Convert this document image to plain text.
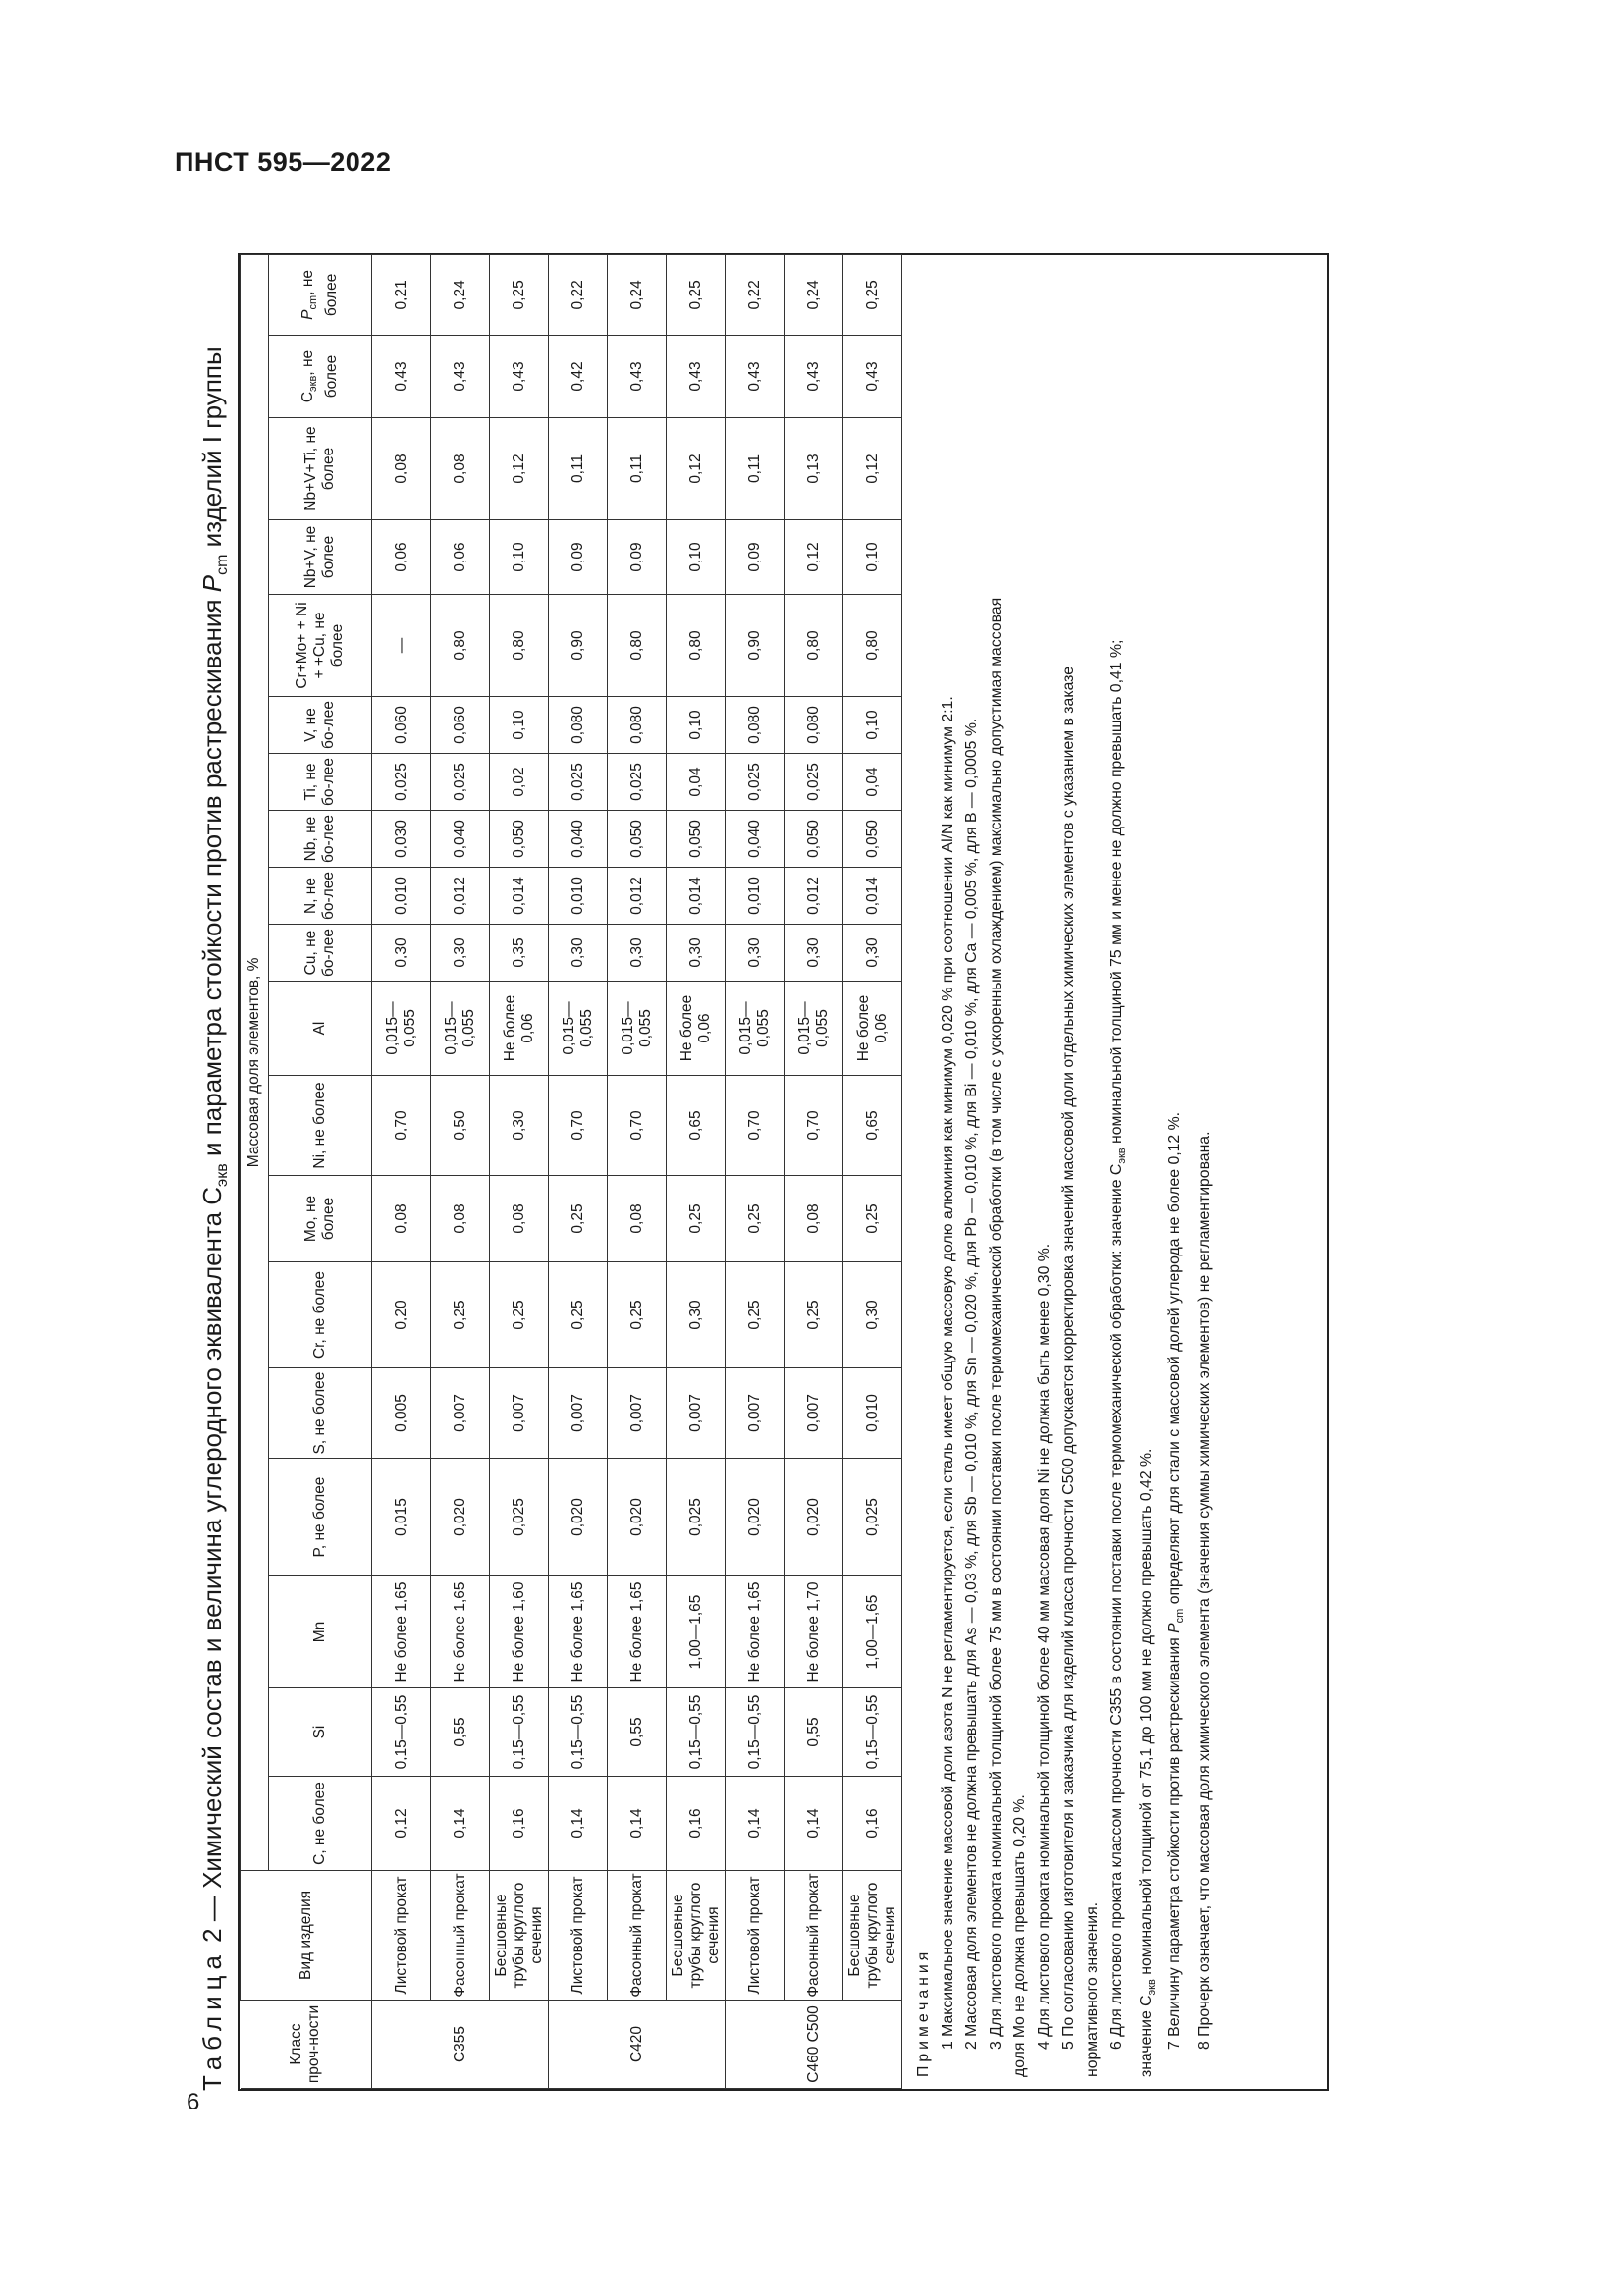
ПНСТ 595—2022
Таблица 2 — Химический состав и величина углеродного эквивалента $С_{экв}$ и параметра стойкости против растрескивания $P_{cm}$ изделий I группы
Класс проч-ности	Вид изделия	Массовая доля элементов, %																		
		C, не более	Si	Mn	P, не более	S, не более	Cr, не более	Mo, не более	Ni, не более	Al	Cu, не бо-лее	N, не бо-лее	Nb, не бо-лее	Ti, не бо-лее	V, не бо-лее	Cr+Mo+ + Ni + +Cu, не более	Nb+V, не более	Nb+V+Ti, не более	$С_{экв}$, не более	$P_{cm}$, не более
С355	Листовой прокат	0,12	0,15—0,55	Не более 1,65	0,015	0,005	0,20	0,08	0,70	0,015—0,055	0,30	0,010	0,030	0,025	0,060	—	0,06	0,08	0,43	0,21
	Фасонный прокат	0,14	0,55	Не более 1,65	0,020	0,007	0,25	0,08	0,50	0,015—0,055	0,30	0,012	0,040	0,025	0,060	0,80	0,06	0,08	0,43	0,24
	Бесшовные трубы круглого сечения	0,16	0,15—0,55	Не более 1,60	0,025	0,007	0,25	0,08	0,30	Не более 0,06	0,35	0,014	0,050	0,02	0,10	0,80	0,10	0,12	0,43	0,25
С420	Листовой прокат	0,14	0,15—0,55	Не более 1,65	0,020	0,007	0,25	0,25	0,70	0,015—0,055	0,30	0,010	0,040	0,025	0,080	0,90	0,09	0,11	0,42	0,22
	Фасонный прокат	0,14	0,55	Не более 1,65	0,020	0,007	0,25	0,08	0,70	0,015—0,055	0,30	0,012	0,050	0,025	0,080	0,80	0,09	0,11	0,43	0,24
	Бесшовные трубы круглого сечения	0,16	0,15—0,55	1,00—1,65	0,025	0,007	0,30	0,25	0,65	Не более 0,06	0,30	0,014	0,050	0,04	0,10	0,80	0,10	0,12	0,43	0,25
С460 С500	Листовой прокат	0,14	0,15—0,55	Не более 1,65	0,020	0,007	0,25	0,25	0,70	0,015—0,055	0,30	0,010	0,040	0,025	0,080	0,90	0,09	0,11	0,43	0,22
	Фасонный прокат	0,14	0,55	Не более 1,70	0,020	0,007	0,25	0,08	0,70	0,015—0,055	0,30	0,012	0,050	0,025	0,080	0,80	0,12	0,13	0,43	0,24
	Бесшовные трубы круглого сечения	0,16	0,15—0,55	1,00—1,65	0,025	0,010	0,30	0,25	0,65	Не более 0,06	0,30	0,014	0,050	0,04	0,10	0,80	0,10	0,12	0,43	0,25

Примечания 1 Максимальное значение массовой доли азота N не регламентируется, если сталь имеет общую массовую долю алюминия как минимум 0,020 % при соотношении Al/N как минимум 2:1. 2 Массовая доля элементов не должна превышать для As — 0,03 %, для Sb — 0,010 %, для Sn — 0,020 %, для Pb — 0,010 %, для Bi — 0,010 %, для Ca — 0,005 %, для B — 0,0005 %. 3 Для листового проката номинальной толщиной более 75 мм в состоянии поставки после термомеханической обработки (в том числе с ускоренным охлаждением) максимально допустимая массовая доля Mo не должна превышать 0,20 %. 4 Для листового проката номинальной толщиной более 40 мм массовая доля Ni не должна быть менее 0,30 %. 5 По согласованию изготовителя и заказчика для изделий класса прочности С500 допускается корректировка значений массовой доли отдельных химических элементов с указанием в заказе нормативного значения. 6 Для листового проката классом прочности С355 в состоянии поставки после термомеханической обработки: значение $С_{экв}$ номинальной толщиной 75 мм и менее не должно превышать 0,41 %;

значение $С_{экв}$ номинальной толщиной от 75,1 до 100 мм не должно превышать 0,42 %. 7 Величину параметра стойкости против растрескивания $P_{cm}$ определяют для стали с массовой долей углерода не более 0,12 %. 8 Прочерк означает, что массовая доля химического элемента (значения суммы химических элементов) не регламентирована.

6
